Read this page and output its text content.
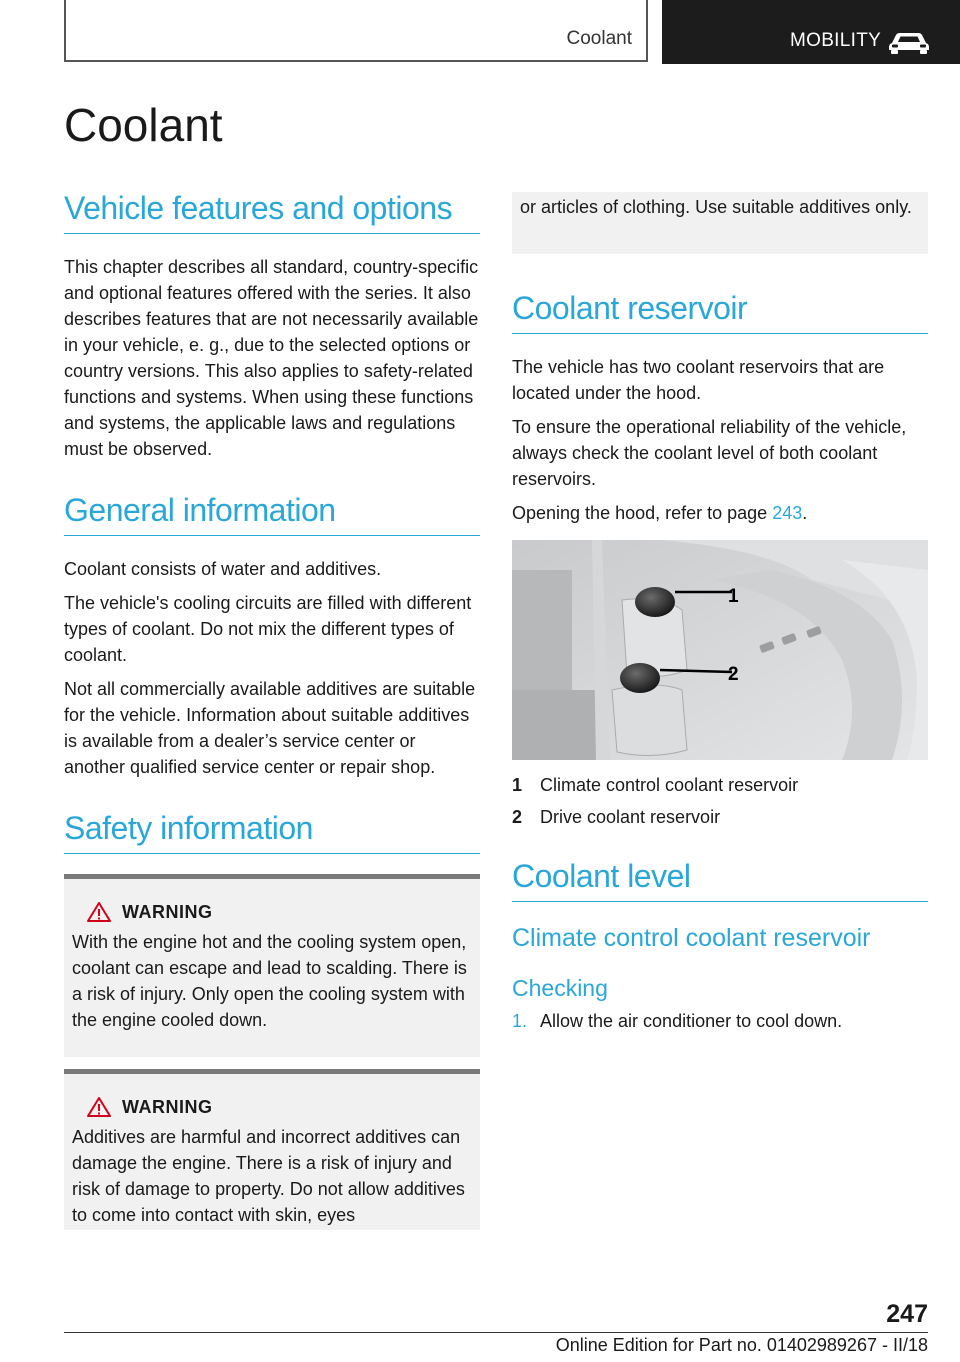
Coolant	MOBILITY
Coolant
Vehicle features and options

This chapter describes all standard, country-specific and optional features offered with the series. It also describes features that are not necessarily available in your vehicle, e. g., due to the selected options or country versions. This also applies to safety-related functions and systems. When using these functions and systems, the applicable laws and regulations must be observed.

General information

Coolant consists of water and additives.

The vehicle's cooling circuits are filled with different types of coolant. Do not mix the different types of coolant.

Not all commercially available additives are suitable for the vehicle. Information about suitable additives is available from a dealer’s service center or another qualified service center or repair shop.

Safety information
WARNING

With the engine hot and the cooling system open, coolant can escape and lead to scalding. There is a risk of injury. Only open the cooling system with the engine cooled down.

WARNING

Additives are harmful and incorrect additives can damage the engine. There is a risk of injury and risk of damage to property. Do not allow additives to come into contact with skin, eyes

or articles of clothing. Use suitable additives only.

Coolant reservoir

The vehicle has two coolant reservoirs that are located under the hood.

To ensure the operational reliability of the vehicle, always check the coolant level of both coolant reservoirs.

Opening the hood, refer to page 243.

1
2
1 Climate control coolant reservoir
2 Drive coolant reservoir
Coolant level
Climate control coolant reservoir
Checking
1. Allow the air conditioner to cool down.
247
Online Edition for Part no. 01402989267 - II/18
